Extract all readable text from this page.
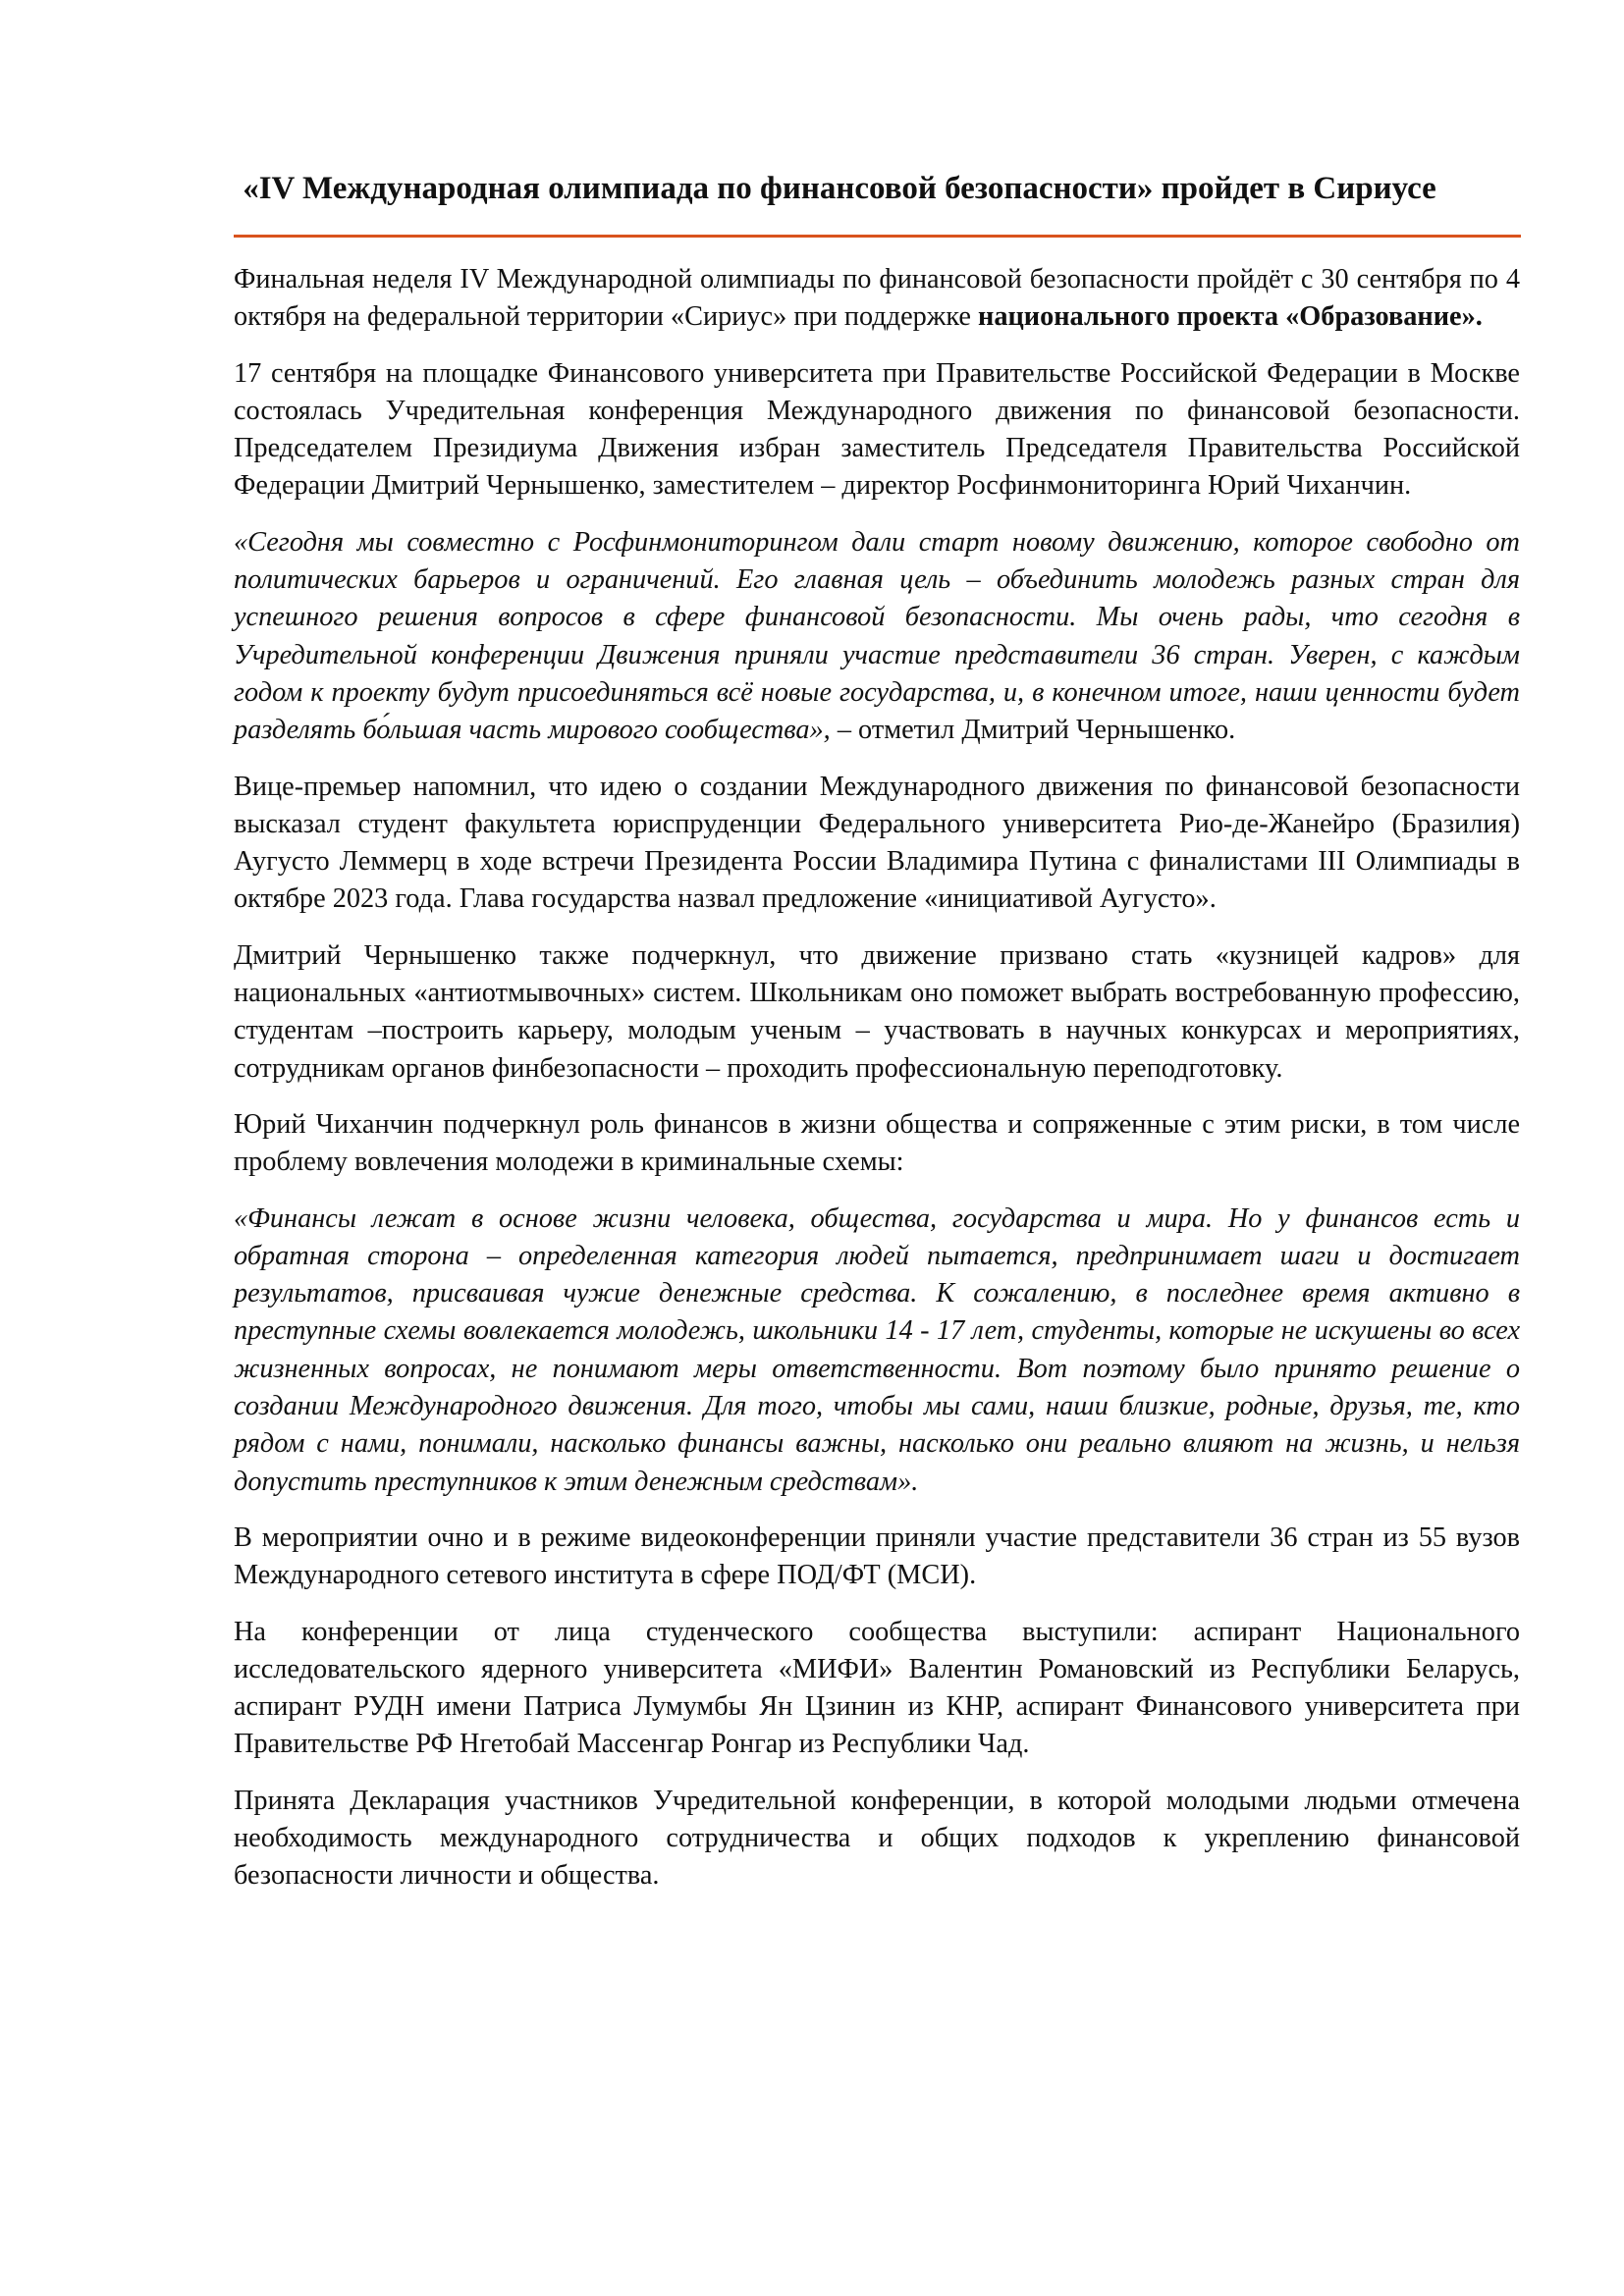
«IV Международная олимпиада по финансовой безопасности» пройдет в Сириусе

Финальная неделя IV Международной олимпиады по финансовой безопасности пройдёт с 30 сентября по 4 октября на федеральной территории «Сириус» при поддержке национального проекта «Образование».

17 сентября на площадке Финансового университета при Правительстве Российской Федерации в Москве состоялась Учредительная конференция Международного движения по финансовой безопасности. Председателем Президиума Движения избран заместитель Председателя Правительства Российской Федерации Дмитрий Чернышенко, заместителем – директор Росфинмониторинга Юрий Чиханчин.

«Сегодня мы совместно с Росфинмониторингом дали старт новому движению, которое свободно от политических барьеров и ограничений. Его главная цель – объединить молодежь разных стран для успешного решения вопросов в сфере финансовой безопасности. Мы очень рады, что сегодня в Учредительной конференции Движения приняли участие представители 36 стран. Уверен, с каждым годом к проекту будут присоединяться всё новые государства, и, в конечном итоге, наши ценности будет разделять бо́льшая часть мирового сообщества», – отметил Дмитрий Чернышенко.

Вице-премьер напомнил, что идею о создании Международного движения по финансовой безопасности высказал студент факультета юриспруденции Федерального университета Рио-де-Жанейро (Бразилия) Аугусто Леммерц в ходе встречи Президента России Владимира Путина с финалистами III Олимпиады в октябре 2023 года. Глава государства назвал предложение «инициативой Аугусто».

Дмитрий Чернышенко также подчеркнул, что движение призвано стать «кузницей кадров» для национальных «антиотмывочных» систем. Школьникам оно поможет выбрать востребованную профессию, студентам –построить карьеру, молодым ученым – участвовать в научных конкурсах и мероприятиях, сотрудникам органов финбезопасности – проходить профессиональную переподготовку.

Юрий Чиханчин подчеркнул роль финансов в жизни общества и сопряженные с этим риски, в том числе проблему вовлечения молодежи в криминальные схемы:

«Финансы лежат в основе жизни человека, общества, государства и мира. Но у финансов есть и обратная сторона – определенная категория людей пытается, предпринимает шаги и достигает результатов, присваивая чужие денежные средства. К сожалению, в последнее время активно в преступные схемы вовлекается молодежь, школьники 14 - 17 лет, студенты, которые не искушены во всех жизненных вопросах, не понимают меры ответственности. Вот поэтому было принято решение о создании Международного движения. Для того, чтобы мы сами, наши близкие, родные, друзья, те, кто рядом с нами, понимали, насколько финансы важны, насколько они реально влияют на жизнь, и нельзя допустить преступников к этим денежным средствам».

В мероприятии очно и в режиме видеоконференции приняли участие представители 36 стран из 55 вузов Международного сетевого института в сфере ПОД/ФТ (МСИ).

На конференции от лица студенческого сообщества выступили: аспирант Национального исследовательского ядерного университета «МИФИ» Валентин Романовский из Республики Беларусь, аспирант РУДН имени Патриса Лумумбы Ян Цзинин из КНР, аспирант Финансового университета при Правительстве РФ Нгетобай Массенгар Ронгар из Республики Чад.

Принята Декларация участников Учредительной конференции, в которой молодыми людьми отмечена необходимость международного сотрудничества и общих подходов к укреплению финансовой безопасности личности и общества.
